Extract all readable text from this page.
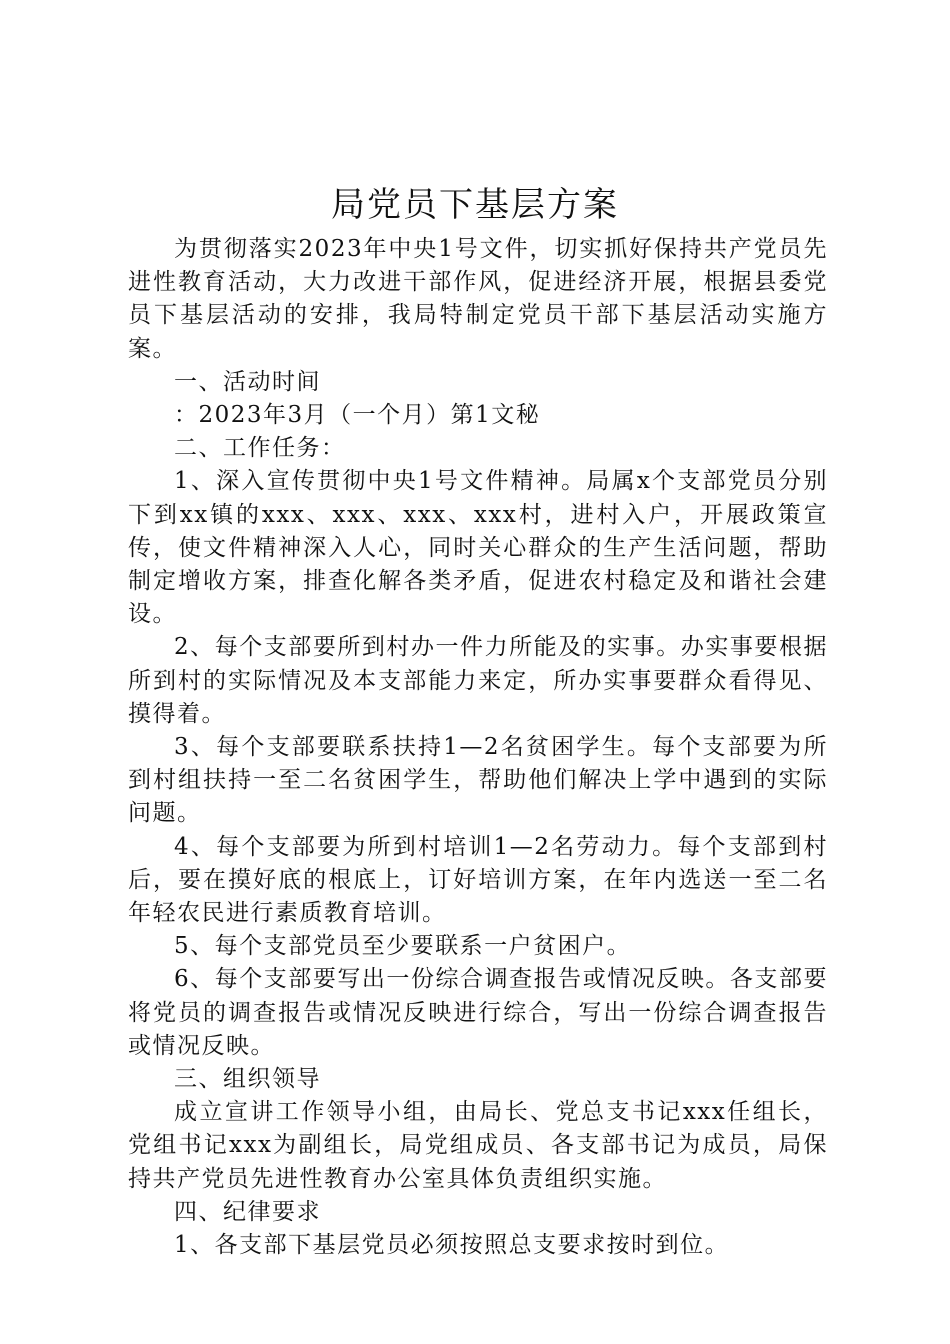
局党员下基层方案

为贯彻落实2023年中央1号文件，切实抓好保持共产党员先进性教育活动，大力改进干部作风，促进经济开展，根据县委党员下基层活动的安排，我局特制定党员干部下基层活动实施方案。

一、活动时间

：2023年3月（一个月）第1文秘

二、工作任务：

1、深入宣传贯彻中央1号文件精神。局属x个支部党员分别下到xx镇的xxx、xxx、xxx、xxx村，进村入户，开展政策宣传，使文件精神深入人心，同时关心群众的生产生活问题，帮助制定增收方案，排查化解各类矛盾，促进农村稳定及和谐社会建设。

2、每个支部要所到村办一件力所能及的实事。办实事要根据所到村的实际情况及本支部能力来定，所办实事要群众看得见、摸得着。

3、每个支部要联系扶持1—2名贫困学生。每个支部要为所到村组扶持一至二名贫困学生，帮助他们解决上学中遇到的实际问题。

4、每个支部要为所到村培训1—2名劳动力。每个支部到村后，要在摸好底的根底上，订好培训方案，在年内选送一至二名年轻农民进行素质教育培训。

5、每个支部党员至少要联系一户贫困户。

6、每个支部要写出一份综合调查报告或情况反映。各支部要将党员的调查报告或情况反映进行综合，写出一份综合调查报告或情况反映。

三、组织领导

成立宣讲工作领导小组，由局长、党总支书记xxx任组长，党组书记xxx为副组长，局党组成员、各支部书记为成员，局保持共产党员先进性教育办公室具体负责组织实施。

四、纪律要求

1、各支部下基层党员必须按照总支要求按时到位。
